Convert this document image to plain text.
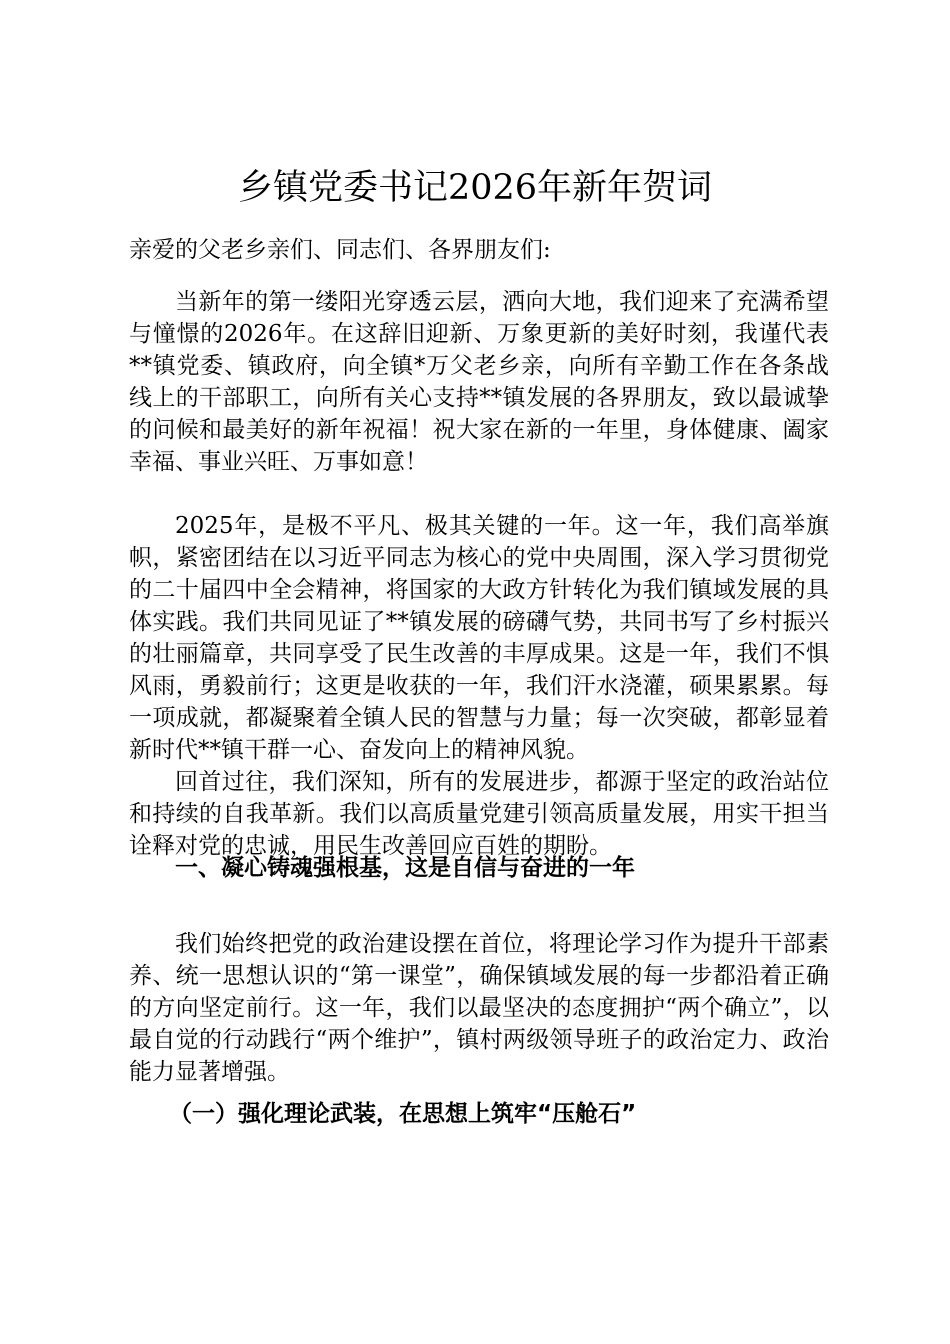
乡镇党委书记2026年新年贺词

亲爱的父老乡亲们、同志们、各界朋友们:

当新年的第一缕阳光穿透云层，洒向大地，我们迎来了充满希望与憧憬的2026年。在这辞旧迎新、万象更新的美好时刻，我谨代表**镇党委、镇政府，向全镇*万父老乡亲，向所有辛勤工作在各条战线上的干部职工，向所有关心支持**镇发展的各界朋友，致以最诚挚的问候和最美好的新年祝福！祝大家在新的一年里，身体健康、阖家幸福、事业兴旺、万事如意！

2025年，是极不平凡、极其关键的一年。这一年，我们高举旗帜，紧密团结在以习近平同志为核心的党中央周围，深入学习贯彻党的二十届四中全会精神，将国家的大政方针转化为我们镇域发展的具体实践。我们共同见证了**镇发展的磅礴气势，共同书写了乡村振兴的壮丽篇章，共同享受了民生改善的丰厚成果。这是一年，我们不惧风雨，勇毅前行；这更是收获的一年，我们汗水浇灌，硕果累累。每一项成就，都凝聚着全镇人民的智慧与力量；每一次突破，都彰显着新时代**镇干群一心、奋发向上的精神风貌。

回首过往，我们深知，所有的发展进步，都源于坚定的政治站位和持续的自我革新。我们以高质量党建引领高质量发展，用实干担当诠释对党的忠诚，用民生改善回应百姓的期盼。

一、凝心铸魂强根基，这是自信与奋进的一年

我们始终把党的政治建设摆在首位，将理论学习作为提升干部素养、统一思想认识的“第一课堂”，确保镇域发展的每一步都沿着正确的方向坚定前行。这一年，我们以最坚决的态度拥护“两个确立”，以最自觉的行动践行“两个维护”，镇村两级领导班子的政治定力、政治能力显著增强。

（一）强化理论武装，在思想上筑牢“压舱石”
